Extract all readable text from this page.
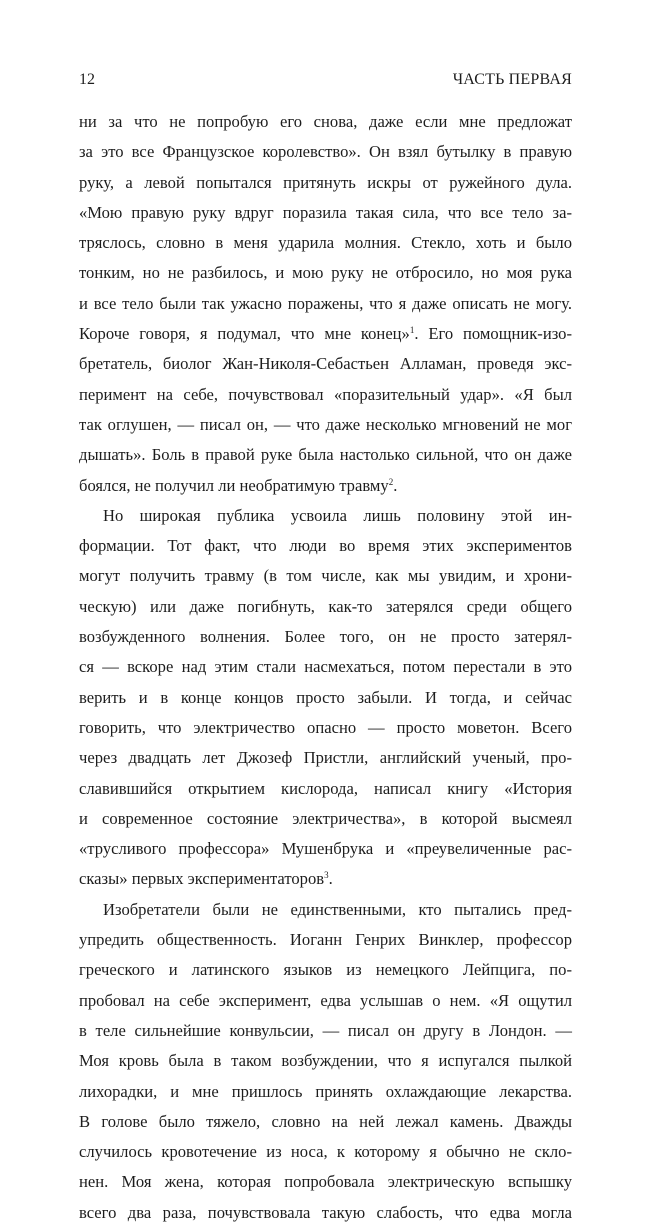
12	ЧАСТЬ ПЕРВАЯ
ни за что не попробую его снова, даже если мне предложат
за это все Французское королевство». Он взял бутылку в правую
руку, а левой попытался притянуть искры от ружейного дула.
«Мою правую руку вдруг поразила такая сила, что все тело за-
тряслось, словно в меня ударила молния. Стекло, хоть и было
тонким, но не разбилось, и мою руку не отбросило, но моя рука
и все тело были так ужасно поражены, что я даже описать не могу.
Короче говоря, я подумал, что мне конец»$^1$. Его помощник-изо-
бретатель, биолог Жан-Николя-Себастьен Алламан, проведя экс-
перимент на себе, почувствовал «поразительный удар». «Я был
так оглушен, — писал он, — что даже несколько мгновений не мог
дышать». Боль в правой руке была настолько сильной, что он даже
боялся, не получил ли необратимую травму$^2$.
Но широкая публика усвоила лишь половину этой ин-
формации. Тот факт, что люди во время этих экспериментов
могут получить травму (в том числе, как мы увидим, и хрони-
ческую) или даже погибнуть, как-то затерялся среди общего
возбужденного волнения. Более того, он не просто затерял-
ся — вскоре над этим стали насмехаться, потом перестали в это
верить и в конце концов просто забыли. И тогда, и сейчас
говорить, что электричество опасно — просто моветон. Всего
через двадцать лет Джозеф Пристли, английский ученый, про-
славившийся открытием кислорода, написал книгу «История
и современное состояние электричества», в которой высмеял
«трусливого профессора» Мушенбрука и «преувеличенные рас-
сказы» первых экспериментаторов$^3$.
Изобретатели были не единственными, кто пытались пред-
упредить общественность. Иоганн Генрих Винклер, профессор
греческого и латинского языков из немецкого Лейпцига, по-
пробовал на себе эксперимент, едва услышав о нем. «Я ощутил
в теле сильнейшие конвульсии, — писал он другу в Лондон. —
Моя кровь была в таком возбуждении, что я испугался пылкой
лихорадки, и мне пришлось принять охлаждающие лекарства.
В голове было тяжело, словно на ней лежал камень. Дважды
случилось кровотечение из носа, к которому я обычно не скло-
нен. Моя жена, которая попробовала электрическую вспышку
всего два раза, почувствовала такую слабость, что едва могла
